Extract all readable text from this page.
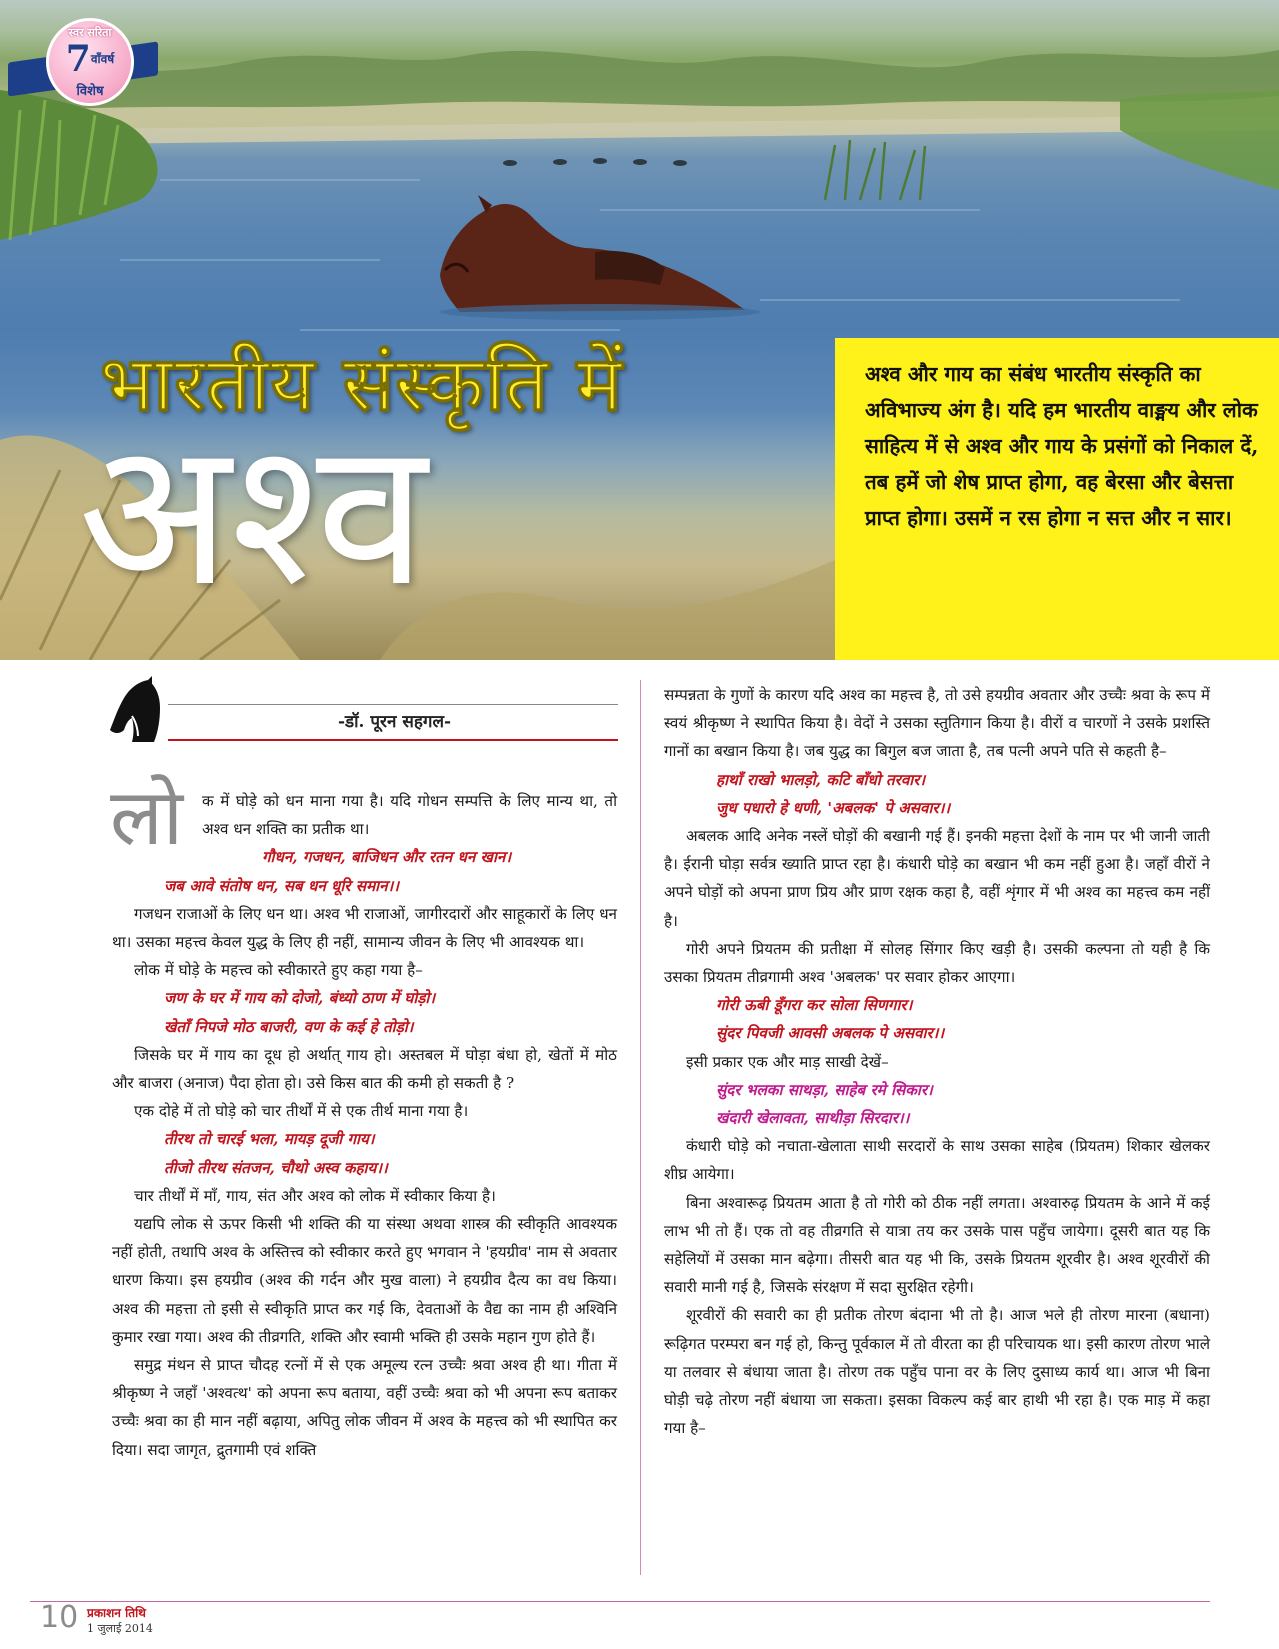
स्वर सरिता
$7^{वाँवर्ष}$
विशेष
भारतीय संस्कृति में
अश्व
अश्व और गाय का संबंध भारतीय संस्कृति का अविभाज्य अंग है। यदि हम भारतीय वाङ्मय और लोक साहित्य में से अश्व और गाय के प्रसंगों को निकाल दें, तब हमें जो शेष प्राप्त होगा, वह बेरसा और बेसत्ता प्राप्त होगा। उसमें न रस होगा न सत्त और न सार।
-डॉ. पूरन सहगल-
लो	क में घोड़े को धन माना गया है। यदि गोधन सम्पत्ति के लिए मान्य था, तो अश्व धन शक्ति का प्रतीक था।

गौधन, गजधन, बाजिधन और रतन धन खान।

जब आवे संतोष धन, सब धन धूरि समान।।

गजधन राजाओं के लिए धन था। अश्व भी राजाओं, जागीरदारों और साहूकारों के लिए धन था। उसका महत्त्व केवल युद्ध के लिए ही नहीं, सामान्य जीवन के लिए भी आवश्यक था।

लोक में घोड़े के महत्त्व को स्वीकारते हुए कहा गया है–

जण के घर में गाय को दोजो, बंध्यो ठाण में घोड़ो।

खेताँ निपजे मोठ बाजरी, वण के कई हे तोड़ो।

जिसके घर में गाय का दूध हो अर्थात् गाय हो। अस्तबल में घोड़ा बंधा हो, खेतों में मोठ और बाजरा (अनाज) पैदा होता हो। उसे किस बात की कमी हो सकती है ?

एक दोहे में तो घोड़े को चार तीर्थों में से एक तीर्थ माना गया है।

तीरथ तो चारई भला, मायड़ दूजी गाय।

तीजो तीरथ संतजन, चौथो अस्व कहाय।।

चार तीर्थों में माँ, गाय, संत और अश्व को लोक में स्वीकार किया है।

यद्यपि लोक से ऊपर किसी भी शक्ति की या संस्था अथवा शास्त्र की स्वीकृति आवश्यक नहीं होती, तथापि अश्व के अस्तित्त्व को स्वीकार करते हुए भगवान ने 'हयग्रीव' नाम से अवतार धारण किया। इस हयग्रीव (अश्व की गर्दन और मुख वाला) ने हयग्रीव दैत्य का वध किया। अश्व की महत्ता तो इसी से स्वीकृति प्राप्त कर गई कि, देवताओं के वैद्य का नाम ही अश्विनि कुमार रखा गया। अश्व की तीव्रगति, शक्ति और स्वामी भक्ति ही उसके महान गुण होते हैं।

समुद्र मंथन से प्राप्त चौदह रत्नों में से एक अमूल्य रत्न उच्चैः श्रवा अश्व ही था। गीता में श्रीकृष्ण ने जहाँ 'अश्वत्थ' को अपना रूप बताया, वहीं उच्चैः श्रवा को भी अपना रूप बताकर उच्चैः श्रवा का ही मान नहीं बढ़ाया, अपितु लोक जीवन में अश्व के महत्त्व को भी स्थापित कर दिया। सदा जागृत, द्रुतगामी एवं शक्ति

सम्पन्नता के गुणों के कारण यदि अश्व का महत्त्व है, तो उसे हयग्रीव अवतार और उच्चैः श्रवा के रूप में स्वयं श्रीकृष्ण ने स्थापित किया है। वेदों ने उसका स्तुतिगान किया है। वीरों व चारणों ने उसके प्रशस्ति गानों का बखान किया है। जब युद्ध का बिगुल बज जाता है, तब पत्नी अपने पति से कहती है–

हाथाँ राखो भालड़ो, कटि बाँधो तरवार।

जुध पधारो हे धणी, 'अबलक' पे असवार।।

अबलक आदि अनेक नस्लें घोड़ों की बखानी गई हैं। इनकी महत्ता देशों के नाम पर भी जानी जाती है। ईरानी घोड़ा सर्वत्र ख्याति प्राप्त रहा है। कंधारी घोड़े का बखान भी कम नहीं हुआ है। जहाँ वीरों ने अपने घोड़ों को अपना प्राण प्रिय और प्राण रक्षक कहा है, वहीं शृंगार में भी अश्व का महत्त्व कम नहीं है।

गोरी अपने प्रियतम की प्रतीक्षा में सोलह सिंगार किए खड़ी है। उसकी कल्पना तो यही है कि उसका प्रियतम तीव्रगामी अश्व 'अबलक' पर सवार होकर आएगा।

गोरी ऊबी डूँगरा कर सोला सिणगार।

सुंदर पिवजी आवसी अबलक पे असवार।।

इसी प्रकार एक और माड़ साखी देखें–

सुंदर भलका साथड़ा, साहेब रमे सिकार।

खंदारी खेलावता, साथीड़ा सिरदार।।

कंधारी घोड़े को नचाता-खेलाता साथी सरदारों के साथ उसका साहेब (प्रियतम) शिकार खेलकर शीघ्र आयेगा।

बिना अश्वारूढ़ प्रियतम आता है तो गोरी को ठीक नहीं लगता। अश्वारुढ़ प्रियतम के आने में कई लाभ भी तो हैं। एक तो वह तीव्रगति से यात्रा तय कर उसके पास पहुँच जायेगा। दूसरी बात यह कि सहेलियों में उसका मान बढ़ेगा। तीसरी बात यह भी कि, उसके प्रियतम शूरवीर है। अश्व शूरवीरों की सवारी मानी गई है, जिसके संरक्षण में सदा सुरक्षित रहेगी।

शूरवीरों की सवारी का ही प्रतीक तोरण बंदाना भी तो है। आज भले ही तोरण मारना (बधाना) रूढ़िगत परम्परा बन गई हो, किन्तु पूर्वकाल में तो वीरता का ही परिचायक था। इसी कारण तोरण भाले या तलवार से बंधाया जाता है। तोरण तक पहुँच पाना वर के लिए दुसाध्य कार्य था। आज भी बिना घोड़ी चढ़े तोरण नहीं बंधाया जा सकता। इसका विकल्प कई बार हाथी भी रहा है। एक माड़ में कहा गया है–

10 प्रकाशन तिथि
1 जुलाई 2014
